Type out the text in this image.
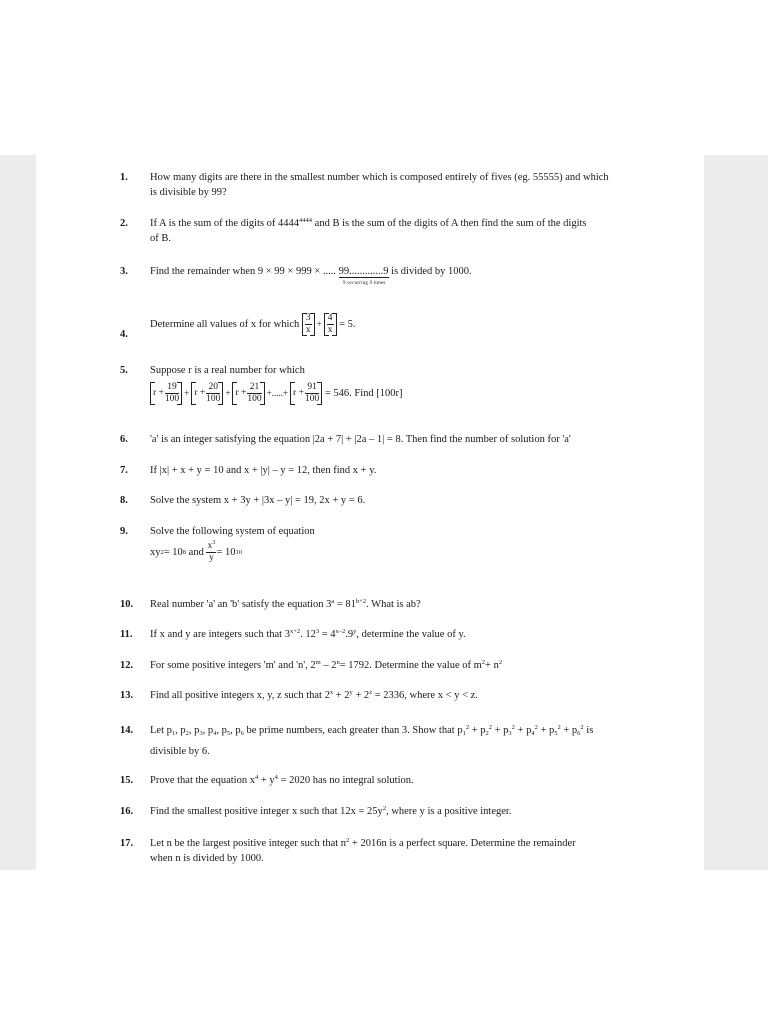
1. How many digits are there in the smallest number which is composed entirely of fives (eg. 55555) and which
is divisible by 99?
2. If A is the sum of the digits of $4444^{4444}$ and B is the sum of the digits of A then find the sum of the digits
of B.
3. Find the remainder when 9 × 99 × 999 × ..... 99.............9 is divided by 1000.
9 occurring 9 times
4.
Determine all values of x for which
$\frac{3}{x} + \frac{4}{x}$
= 5.
5. Suppose r is a real number for which
$r + \frac{19}{100} + r + \frac{20}{100} + r + \frac{21}{100}$ +.....+ $r + \frac{91}{100}$
= 546. Find [100r]
6. 'a' is an integer satisfying the equation |2a + 7| + |2a – 1| = 8. Then find the number of solution for 'a'
7. If |x| + x + y = 10 and x + |y| – y = 12, then find x + y.
8. Solve the system x + 3y + |3x – y| = 19, 2x + y = 6.
9. Solve the following system of equation
xy 2 = 10 8
and
$\frac{x^3}{y} = 10$ 10
10. Real number 'a' an 'b' satisfy the equation $3^a = 81^{b+2}$. What is ab?
11. If x and y are integers such that $3^{x+2}$. $12^3 = 4^{x-2}.9^y$, determine the value of y.
12. For some positive integers 'm' and 'n', $2^m - 2^n= 1792$. Determine the value of $m^2+ n^2$
13. Find all positive integers x, y, z such that $2^x + 2^y + 2^z = 2336$, where x < y < z.
14. Let $p_1$, $p_2$, $p_3$, $p_4$, $p_5$, $p_6$ be prime numbers, each greater than 3. Show that $p_1^2 + p_2^2 + p_3^2 + p_4^2 + p_5^2 + p_6^2$ is
divisible by 6.
15. Prove that the equation $x^4 + y^4 = 2020$ has no integral solution.
16. Find the smallest positive integer x such that $12x = 25y^2$, where y is a positive integer.
17. Let n be the largest positive integer such that $n^2 + 2016n$ is a perfect square. Determine the remainder
when n is divided by 1000.
